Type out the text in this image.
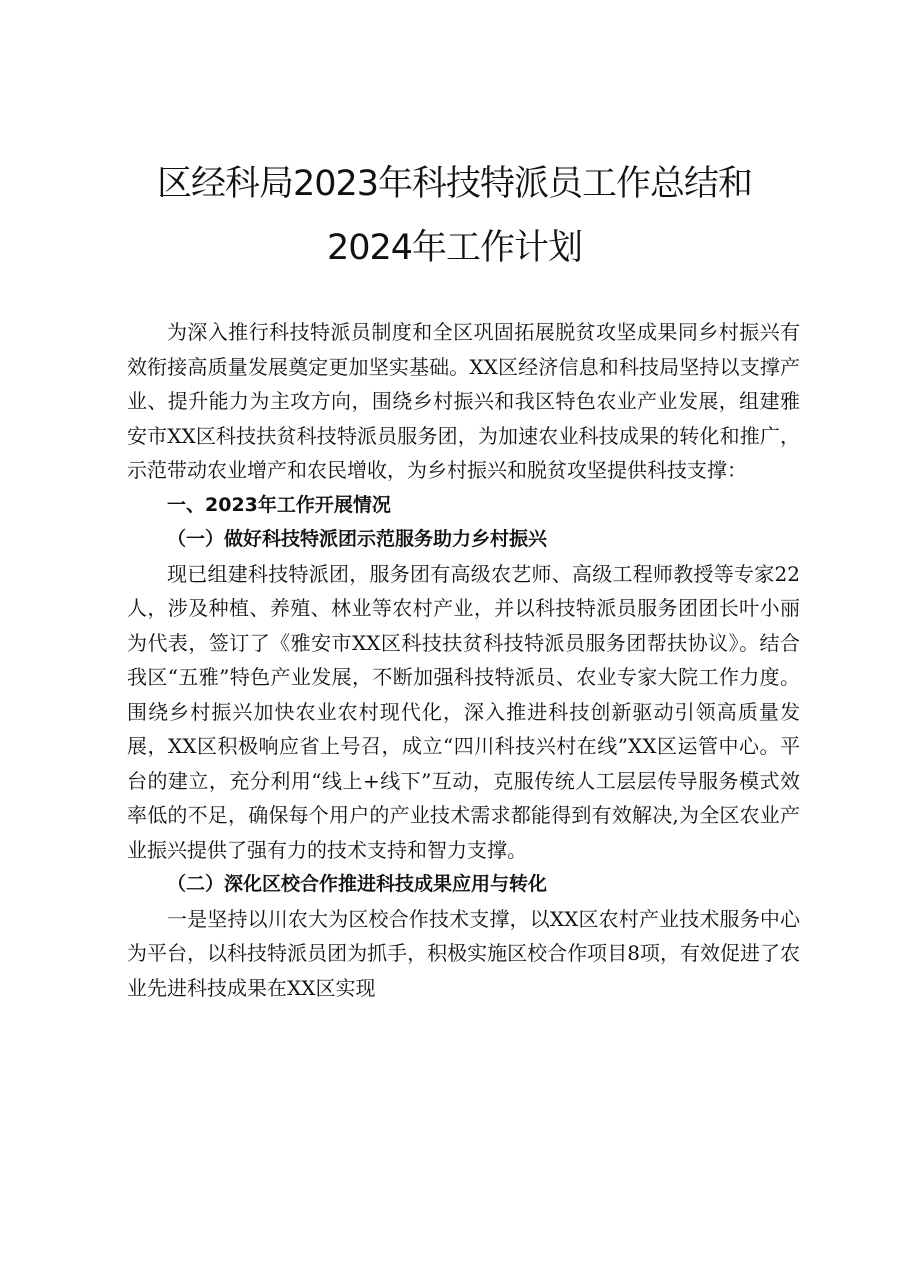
区经科局2023年科技特派员工作总结和
2024年工作计划

为深入推行科技特派员制度和全区巩固拓展脱贫攻坚成果同乡村振兴有效衔接高质量发展奠定更加坚实基础。XX区经济信息和科技局坚持以支撑产业、提升能力为主攻方向，围绕乡村振兴和我区特色农业产业发展，组建雅安市XX区科技扶贫科技特派员服务团，为加速农业科技成果的转化和推广，示范带动农业增产和农民增收，为乡村振兴和脱贫攻坚提供科技支撑：

一、2023年工作开展情况

（一）做好科技特派团示范服务助力乡村振兴

现已组建科技特派团，服务团有高级农艺师、高级工程师教授等专家22人，涉及种植、养殖、林业等农村产业，并以科技特派员服务团团长叶小丽为代表，签订了《雅安市XX区科技扶贫科技特派员服务团帮扶协议》。结合我区“五雅”特色产业发展，不断加强科技特派员、农业专家大院工作力度。围绕乡村振兴加快农业农村现代化，深入推进科技创新驱动引领高质量发展，XX区积极响应省上号召，成立“四川科技兴村在线”XX区运管中心。平台的建立，充分利用“线上+线下”互动，克服传统人工层层传导服务模式效率低的不足，确保每个用户的产业技术需求都能得到有效解决,为全区农业产业振兴提供了强有力的技术支持和智力支撑。

（二）深化区校合作推进科技成果应用与转化

一是坚持以川农大为区校合作技术支撑，以XX区农村产业技术服务中心为平台，以科技特派员团为抓手，积极实施区校合作项目8项，有效促进了农业先进科技成果在XX区实现
